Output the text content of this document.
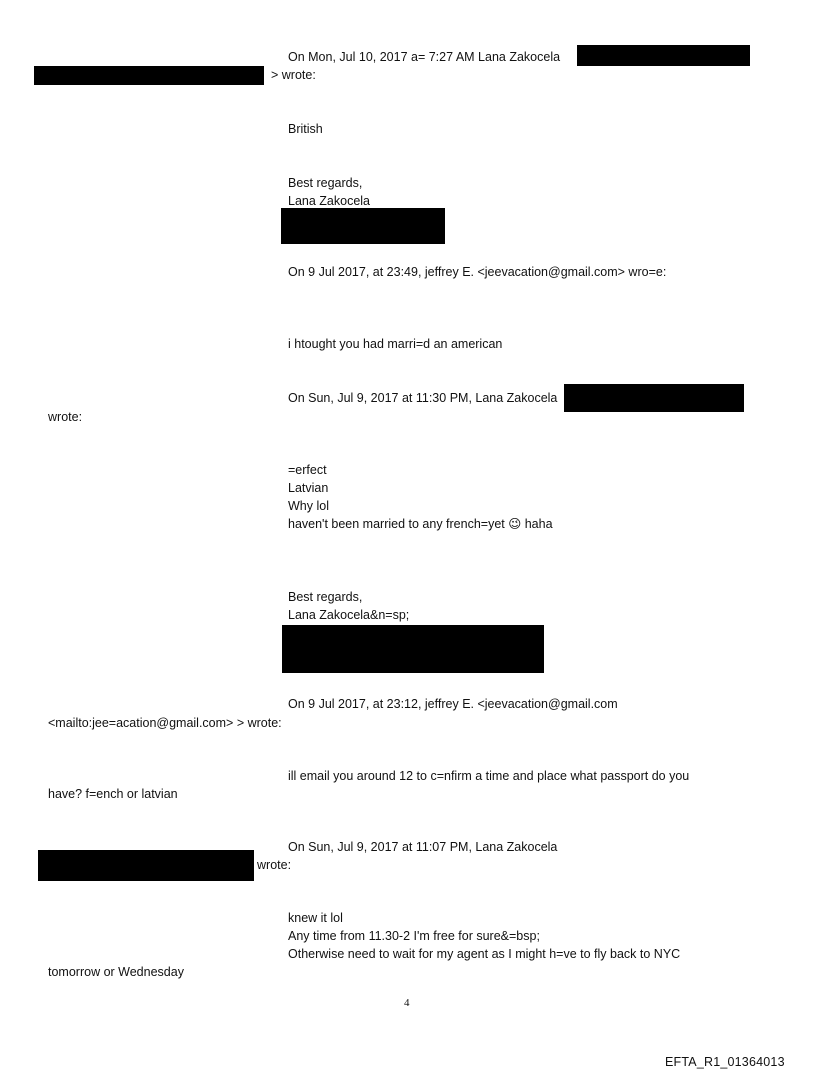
On Mon, Jul 10, 2017 a= 7:27 AM Lana Zakocela
> wrote:
British
Best regards,
Lana Zakocela
On 9 Jul 2017, at 23:49, jeffrey E. <jeevacation@gmail.com> wro=e:
i htought you had marri=d an american
On Sun, Jul 9, 2017 at 11:30 PM, Lana Zakocela
wrote:
=erfect
Latvian
Why lol
haven't been married to any french=yet 😉 haha
Best regards,
Lana Zakocela&n=sp;
On 9 Jul 2017, at 23:12, jeffrey E. <jeevacation@gmail.com
<mailto:jee=acation@gmail.com> > wrote:
ill email you around 12 to c=nfirm a time and place what passport do you
have? f=ench or latvian
On Sun, Jul 9, 2017 at 11:07 PM, Lana Zakocela
wrote:
knew it lol
Any time from 11.30-2 I'm free for sure&=bsp;
Otherwise need to wait for my agent as I might h=ve to fly back to NYC
tomorrow or Wednesday
4
EFTA_R1_01364013
